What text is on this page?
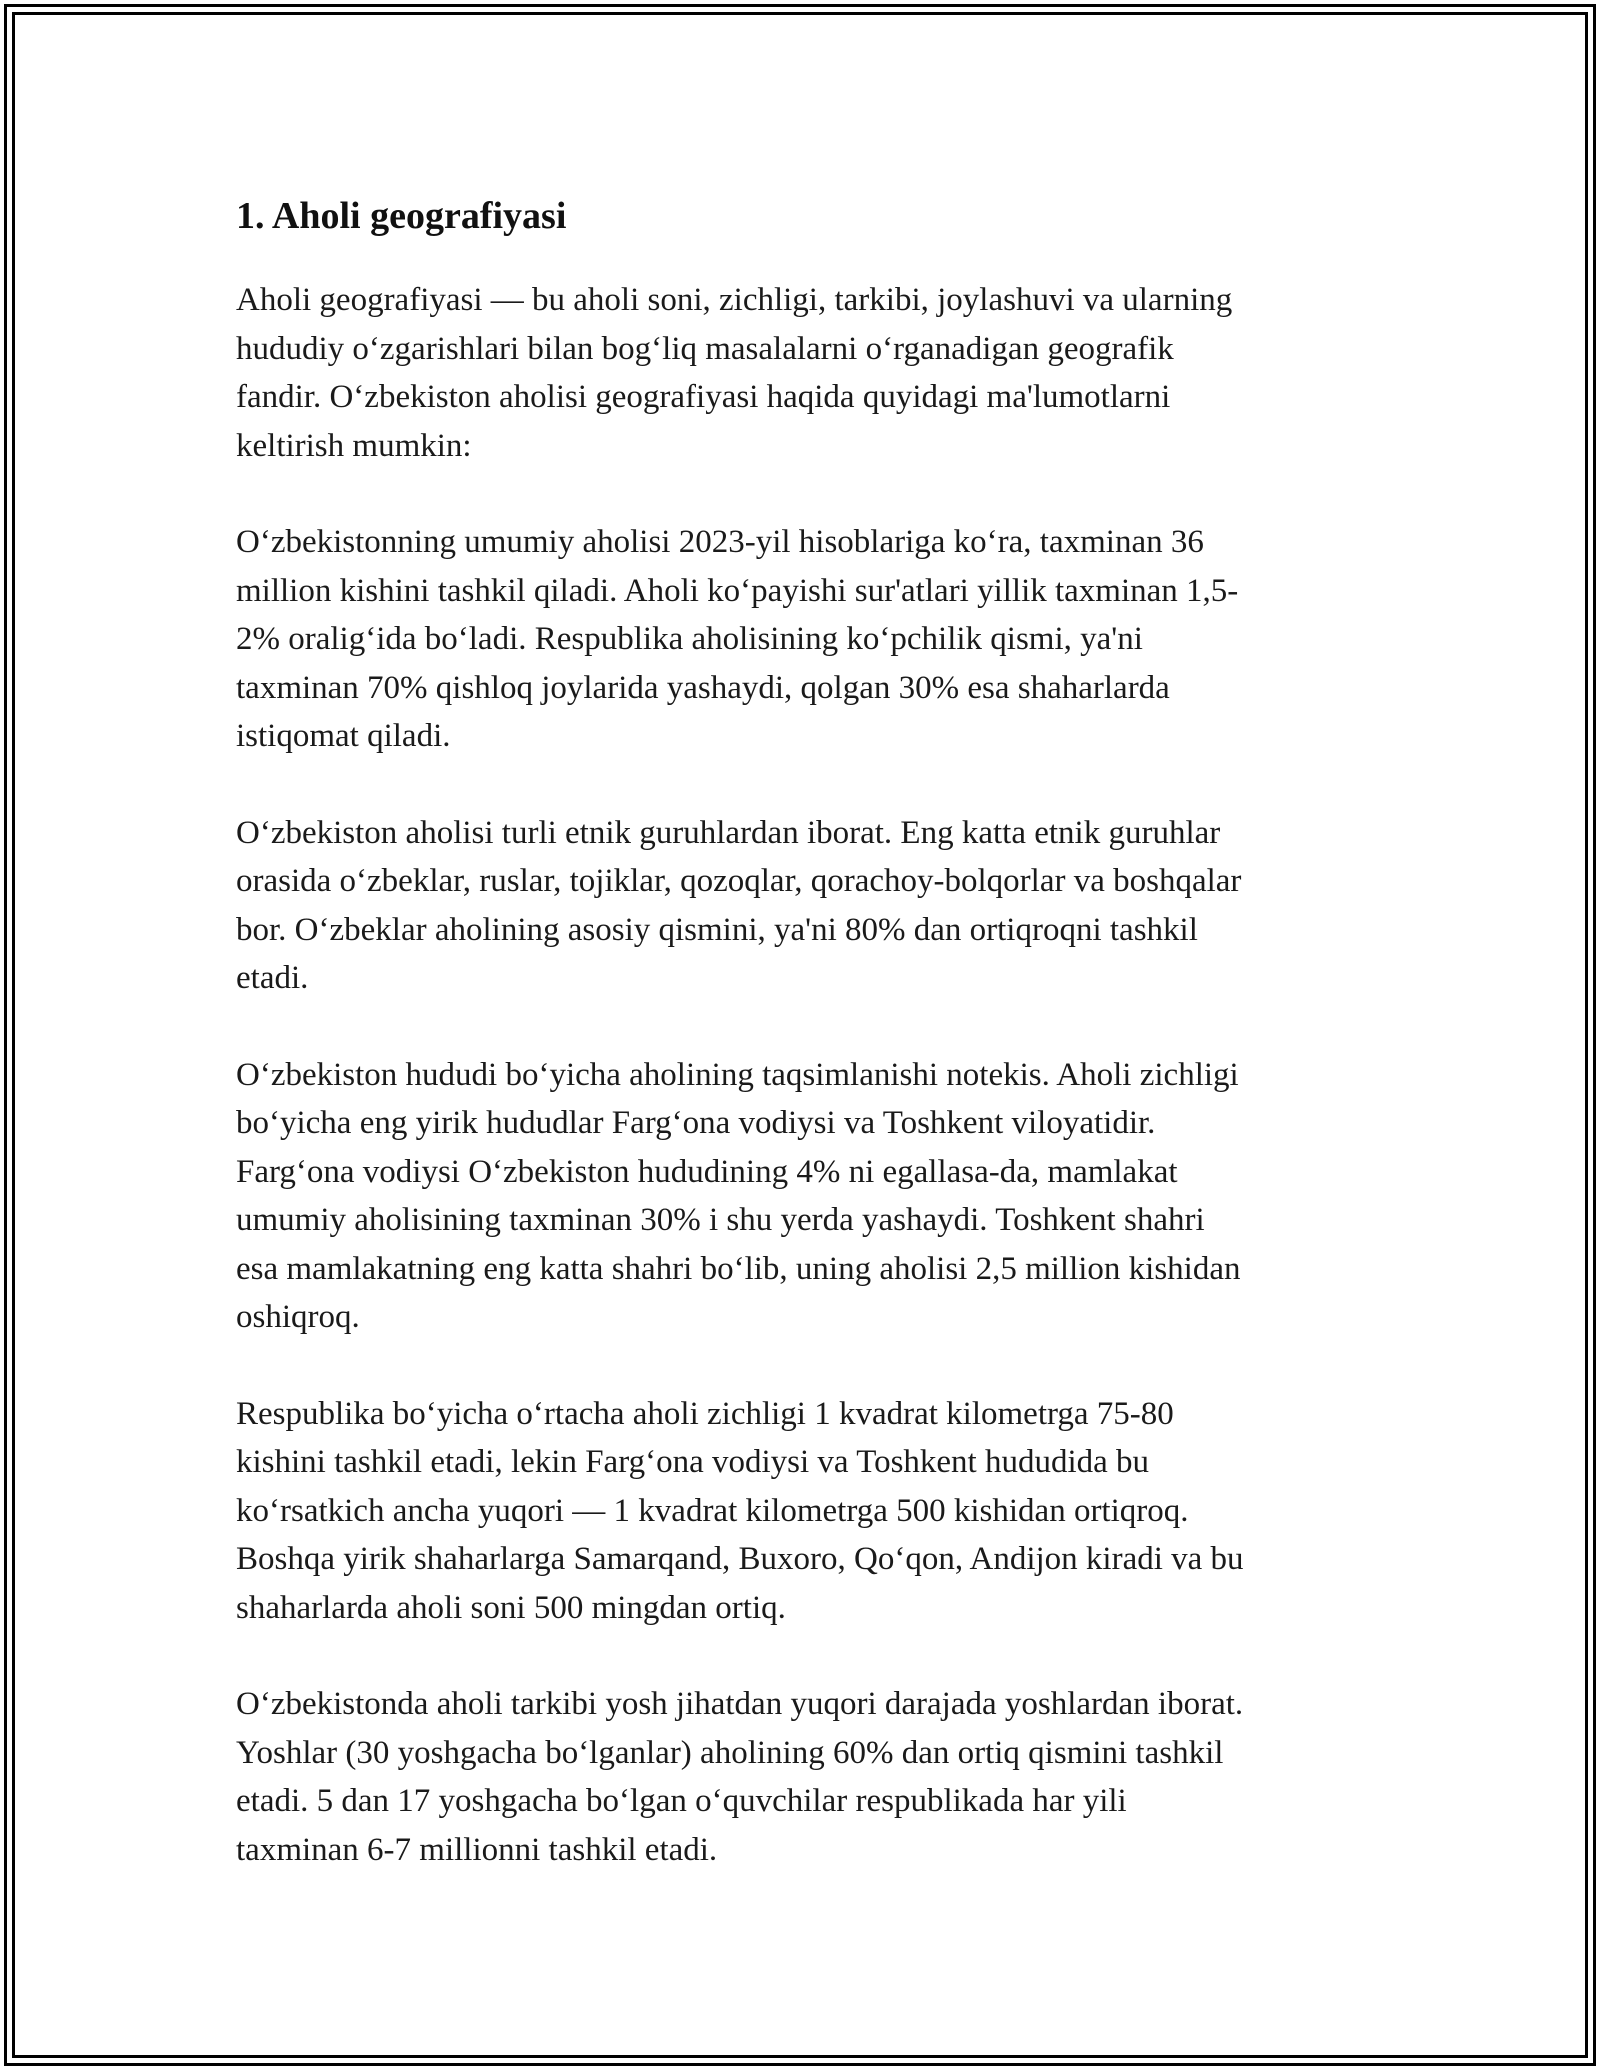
1. Aholi geografiyasi

Aholi geografiyasi — bu aholi soni, zichligi, tarkibi, joylashuvi va ularning
hududiy oʻzgarishlari bilan bogʻliq masalalarni oʻrganadigan geografik
fandir. Oʻzbekiston aholisi geografiyasi haqida quyidagi ma'lumotlarni
keltirish mumkin:

Oʻzbekistonning umumiy aholisi 2023-yil hisoblariga koʻra, taxminan 36
million kishini tashkil qiladi. Aholi koʻpayishi sur'atlari yillik taxminan 1,5-
2% oraligʻida boʻladi. Respublika aholisining koʻpchilik qismi, ya'ni
taxminan 70% qishloq joylarida yashaydi, qolgan 30% esa shaharlarda
istiqomat qiladi.

Oʻzbekiston aholisi turli etnik guruhlardan iborat. Eng katta etnik guruhlar
orasida oʻzbeklar, ruslar, tojiklar, qozoqlar, qorachoy-bolqorlar va boshqalar
bor. Oʻzbeklar aholining asosiy qismini, ya'ni 80% dan ortiqroqni tashkil
etadi.

Oʻzbekiston hududi boʻyicha aholining taqsimlanishi notekis. Aholi zichligi
boʻyicha eng yirik hududlar Fargʻona vodiysi va Toshkent viloyatidir.
Fargʻona vodiysi Oʻzbekiston hududining 4% ni egallasa-da, mamlakat
umumiy aholisining taxminan 30% i shu yerda yashaydi. Toshkent shahri
esa mamlakatning eng katta shahri boʻlib, uning aholisi 2,5 million kishidan
oshiqroq.

Respublika boʻyicha oʻrtacha aholi zichligi 1 kvadrat kilometrga 75-80
kishini tashkil etadi, lekin Fargʻona vodiysi va Toshkent hududida bu
koʻrsatkich ancha yuqori — 1 kvadrat kilometrga 500 kishidan ortiqroq.
Boshqa yirik shaharlarga Samarqand, Buxoro, Qoʻqon, Andijon kiradi va bu
shaharlarda aholi soni 500 mingdan ortiq.

Oʻzbekistonda aholi tarkibi yosh jihatdan yuqori darajada yoshlardan iborat.
Yoshlar (30 yoshgacha boʻlganlar) aholining 60% dan ortiq qismini tashkil
etadi. 5 dan 17 yoshgacha boʻlgan oʻquvchilar respublikada har yili
taxminan 6-7 millionni tashkil etadi.
